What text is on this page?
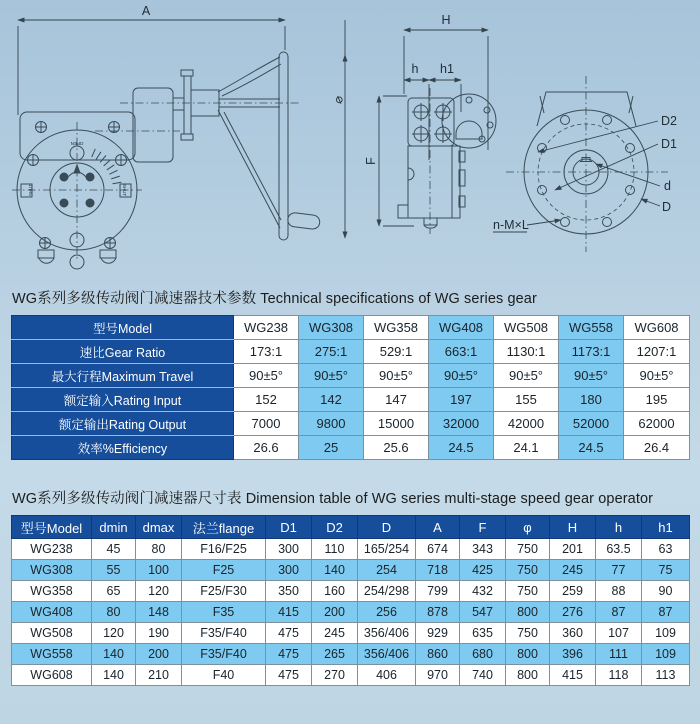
A
⌀
OPEN
SHUT	SHUT
H
h h1
F
D2
D1
d
D
n-M×L
WG系列多级传动阀门减速器技术参数 Technical specifications of WG series gear
型号Model	WG238	WG308	WG358	WG408	WG508	WG558	WG608
速比Gear Ratio	173:1	275:1	529:1	663:1	1130:1	1173:1	1207:1
最大行程Maximum Travel	90±5°	90±5°	90±5°	90±5°	90±5°	90±5°	90±5°
额定输入Rating Input	152	142	147	197	155	180	195
额定输出Rating Output	7000	9800	15000	32000	42000	52000	62000
效率%Efficiency	26.6	25	25.6	24.5	24.1	24.5	26.4
WG系列多级传动阀门减速器尺寸表 Dimension table of WG series multi-stage speed gear operator
型号Model	dmin	dmax	法兰flange	D1	D2	D	A	F	φ	H	h	h1
WG238	45	80	F16/F25	300	110	165/254	674	343	750	201	63.5	63
WG308	55	100	F25	300	140	254	718	425	750	245	77	75
WG358	65	120	F25/F30	350	160	254/298	799	432	750	259	88	90
WG408	80	148	F35	415	200	256	878	547	800	276	87	87
WG508	120	190	F35/F40	475	245	356/406	929	635	750	360	107	109
WG558	140	200	F35/F40	475	265	356/406	860	680	800	396	111	109
WG608	140	210	F40	475	270	406	970	740	800	415	118	113
